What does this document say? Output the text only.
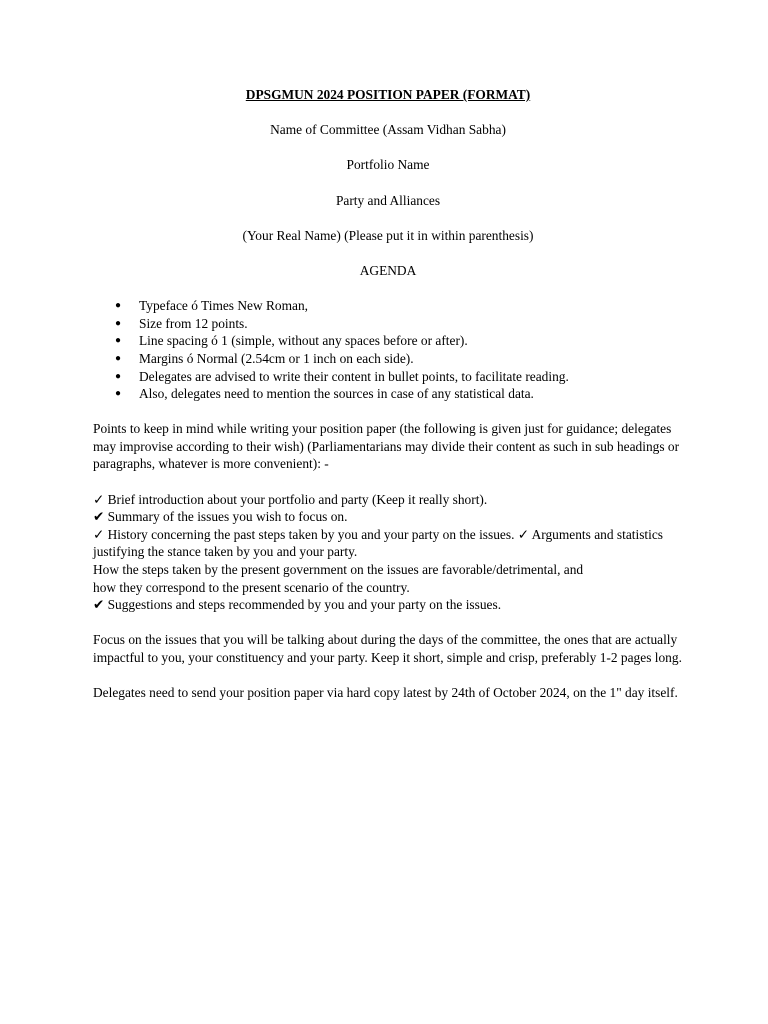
DPSGMUN 2024 POSITION PAPER (FORMAT)

Name of Committee (Assam Vidhan Sabha)

Portfolio Name

Party and Alliances

(Your Real Name) (Please put it in within parenthesis)

AGENDA

● Typeface ó Times New Roman,
● Size from 12 points.
● Line spacing ó 1 (simple, without any spaces before or after).
● Margins ó Normal (2.54cm or 1 inch on each side).
● Delegates are advised to write their content in bullet points, to facilitate reading.
● Also, delegates need to mention the sources in case of any statistical data.

Points to keep in mind while writing your position paper (the following is given just for guidance; delegates may improvise according to their wish) (Parliamentarians may divide their content as such in sub headings or paragraphs, whatever is more convenient): -

✓ Brief introduction about your portfolio and party (Keep it really short).

✔ Summary of the issues you wish to focus on.

✓ History concerning the past steps taken by you and your party on the issues. ✓ Arguments and statistics justifying the stance taken by you and your party.

How the steps taken by the present government on the issues are favorable/detrimental, and

how they correspond to the present scenario of the country.

✔ Suggestions and steps recommended by you and your party on the issues.

Focus on the issues that you will be talking about during the days of the committee, the ones that are actually impactful to you, your constituency and your party. Keep it short, simple and crisp, preferably 1-2 pages long.

Delegates need to send your position paper via hard copy latest by 24th of October 2024, on the 1" day itself.
